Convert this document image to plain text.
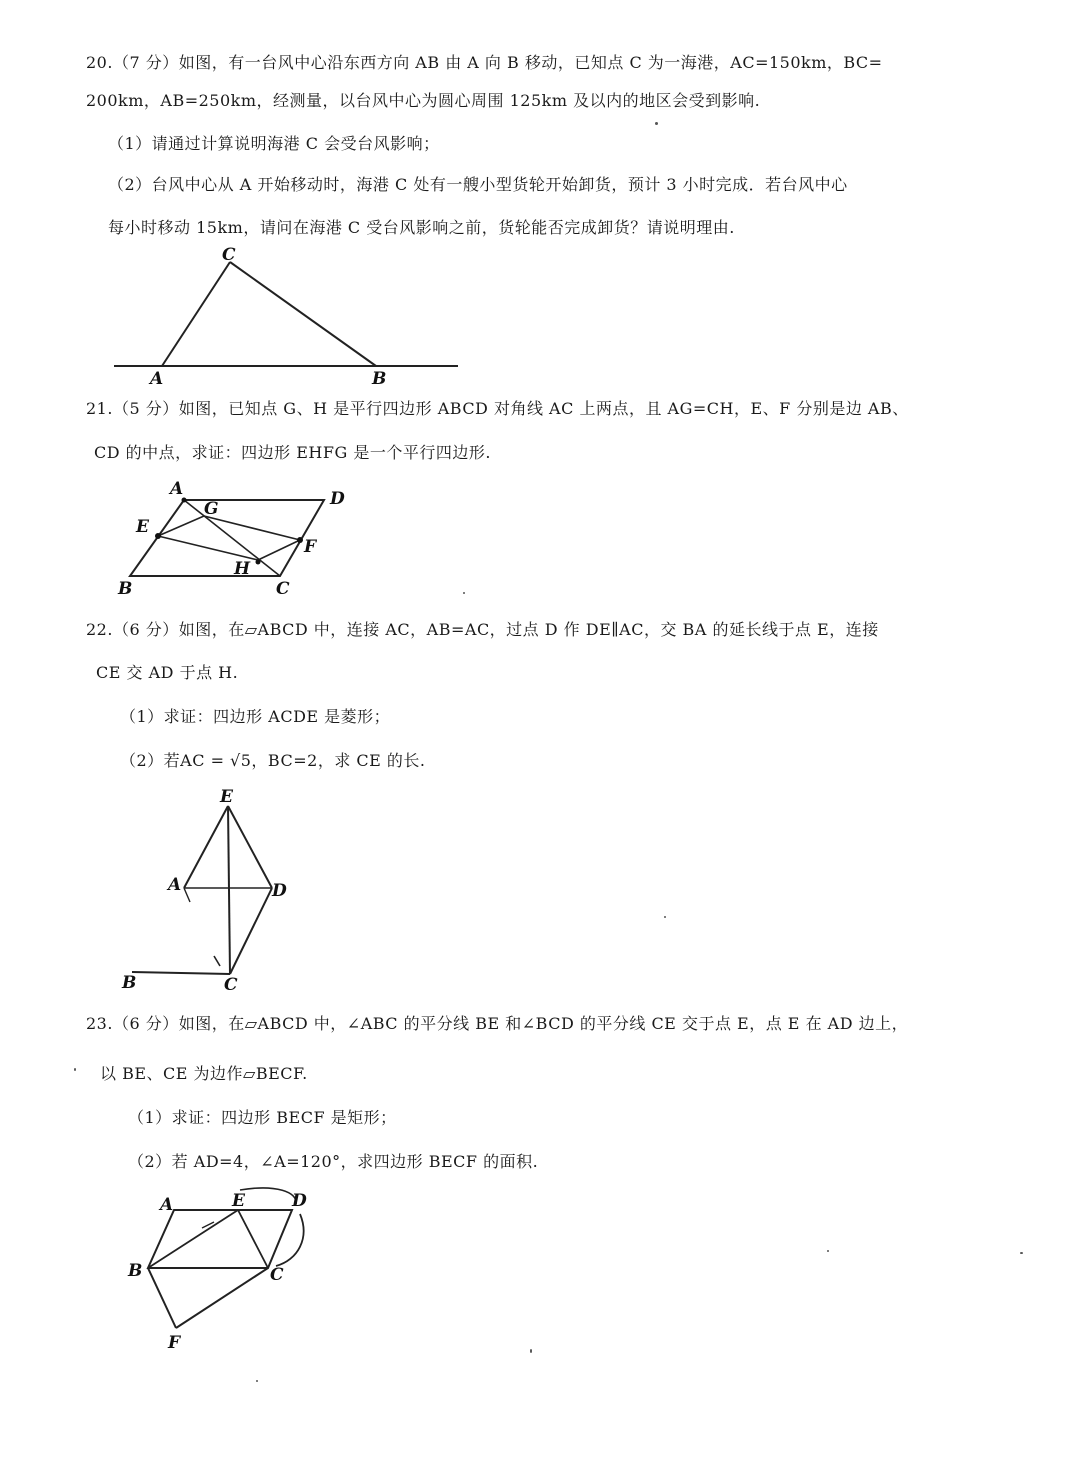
20.（7 分）如图，有一台风中心沿东西方向 AB 由 A 向 B 移动，已知点 C 为一海港，AC=150km，BC=
200km，AB=250km，经测量，以台风中心为圆心周围 125km 及以内的地区会受到影响.
（1）请通过计算说明海港 C 会受台风影响；
（2）台风中心从 A 开始移动时，海港 C 处有一艘小型货轮开始卸货，预计 3 小时完成．若台风中心
每小时移动 15km，请问在海港 C 受台风影响之前，货轮能否完成卸货？请说明理由.
C
A	B
21.（5 分）如图，已知点 G、H 是平行四边形 ABCD 对角线 AC 上两点，且 AG=CH，E、F 分别是边 AB、
CD 的中点，求证：四边形 EHFG 是一个平行四边形.
A	D
E
G
F
H
B	C
22.（6 分）如图，在▱ABCD 中，连接 AC，AB=AC，过点 D 作 DE∥AC，交 BA 的延长线于点 E，连接
CE 交 AD 于点 H.
（1）求证：四边形 ACDE 是菱形；
（2）若AC = √5，BC=2，求 CE 的长.
E
A	D
B	C
23.（6 分）如图，在▱ABCD 中，∠ABC 的平分线 BE 和∠BCD 的平分线 CE 交于点 E，点 E 在 AD 边上，
以 BE、CE 为边作▱BECF.
（1）求证：四边形 BECF 是矩形；
（2）若 AD=4，∠A=120°，求四边形 BECF 的面积.
A	E	D
B	C
F
